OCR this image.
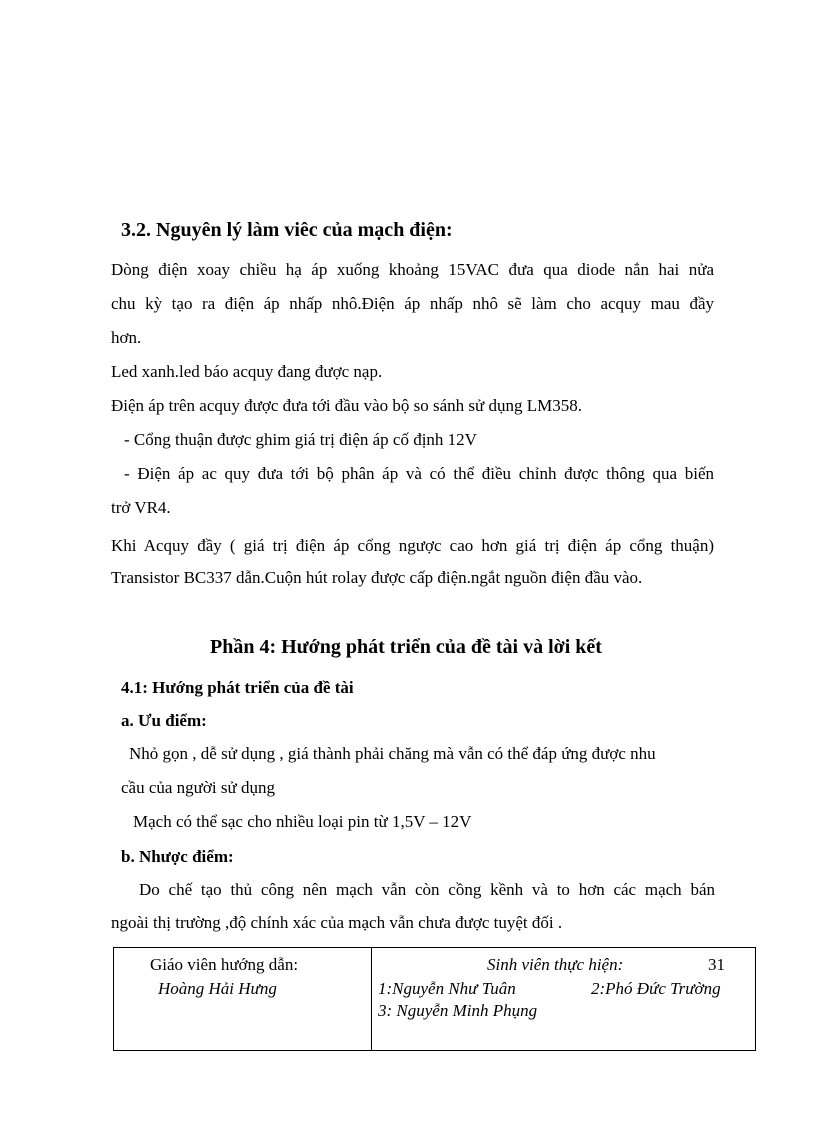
3.2. Nguyên lý làm viêc của mạch điện:
Dòng điện xoay chiều hạ áp xuống khoảng 15VAC đưa qua diode nắn hai nửa
chu kỳ tạo ra điện áp nhấp nhô.Điện áp nhấp nhô sẽ làm cho acquy mau đầy
hơn.
Led xanh.led báo acquy đang được nạp.
Điện áp trên acquy được đưa tới đầu vào bộ so sánh sử dụng LM358.
- Cổng thuận được ghim giá trị điện áp cố định 12V
- Điện áp ac quy đưa tới bộ phân áp và có thể điều chỉnh được thông qua biến
trở VR4.
Khi Acquy đầy ( giá trị điện áp cổng ngược cao hơn giá trị điện áp cổng thuận)
Transistor BC337 dẫn.Cuộn hút rolay được cấp điện.ngắt nguồn điện đầu vào.
Phần 4: Hướng phát triển của đề tài và lời kết
4.1: Hướng phát triển của đề tài
a. Ưu điểm:
Nhỏ gọn , dễ sử dụng , giá thành phải chăng mà vẫn có thể đáp ứng được nhu
cầu của người sử dụng
Mạch có thể sạc cho nhiều loại pin từ 1,5V – 12V
b. Nhược điểm:
Do chế tạo thủ công nên mạch vẫn còn cồng kềnh và to hơn các mạch bán
ngoài thị trường ,độ chính xác của mạch vẫn chưa được tuyệt đối .
Giáo viên hướng dẫn:
Hoàng Hải Hưng
Sinh viên thực hiện:	31
1:Nguyễn Như Tuân	2:Phó Đức Trường
3: Nguyễn Minh Phụng
